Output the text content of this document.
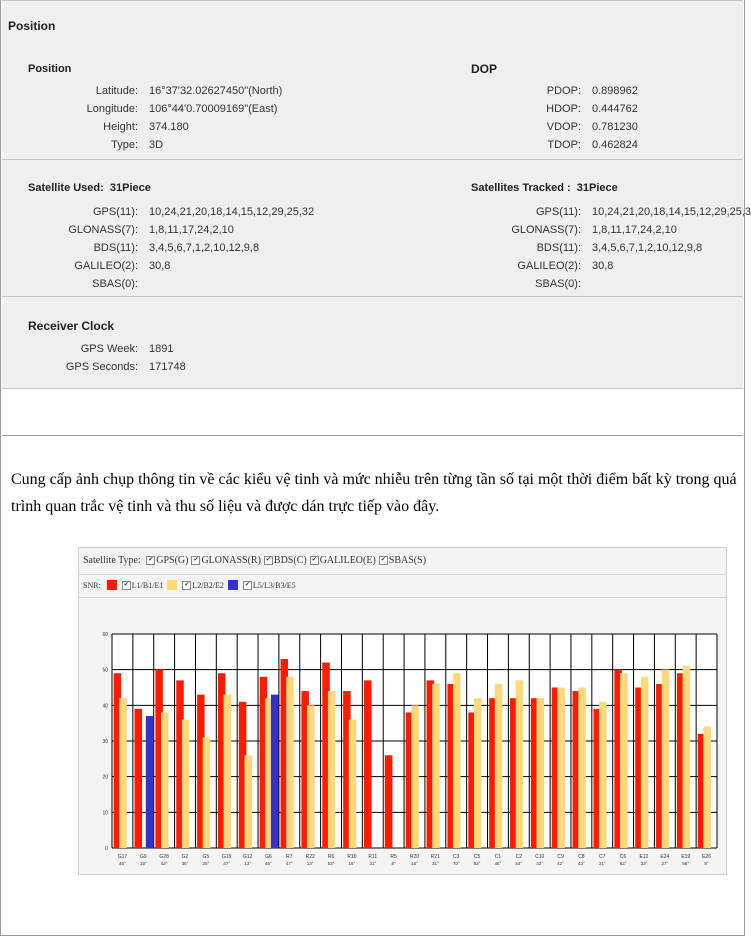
Position
Position
Latitude: 16°37'32.02627450"(North)
Longitude: 106°44'0.70009169"(East)
Height: 374.180
Type: 3D
DOP
PDOP: 0.898962
HDOP: 0.444762
VDOP: 0.781230
TDOP: 0.462824
Satellite Used:  31Piece
GPS(11): 10,24,21,20,18,14,15,12,29,25,32
GLONASS(7): 1,8,11,17,24,2,10
BDS(11): 3,4,5,6,7,1,2,10,12,9,8
GALILEO(2): 30,8
SBAS(0):
Satellites Tracked :  31Piece
GPS(11): 10,24,21,20,18,14,15,12,29,25,3
GLONASS(7): 1,8,11,17,24,2,10
BDS(11): 3,4,5,6,7,1,2,10,12,9,8
GALILEO(2): 30,8
SBAS(0):
Receiver Clock
GPS Week: 1891
GPS Seconds: 171748
Cung cấp ảnh chụp thông tin về các kiểu vệ tinh và mức nhiễu trên từng tần số tại một thời điểm bất kỳ trong quá trình quan trắc vệ tinh và thu số liệu và được dán trực tiếp vào đây.
Satellite Type: ✔ GPS(G) ✔ GLONASS(R) ✔ BDS(C) ✔ GALILEO(E) ✔ SBAS(S)
SNR:	✔ L1/B1/E1	✔ L2/B2/E2	✔ L5/L3/B3/E5
0
10
20
30
40
50
60
G17
46°
G9
19°
G28
42°
G2
36°
G5
25°
G19
47°
G12
13°
G6
46°
R7
47°
R22
13°
R6
53°
R10
16°
R11
31°
R5
8°
R20
16°
R21
31°
C3
70°
C5
53°
C1
46°
C2
54°
C10
32°
C9
42°
C8
43°
C7
21°
C6
62°
E12
33°
E24
27°
E19
56°
E26
8°
